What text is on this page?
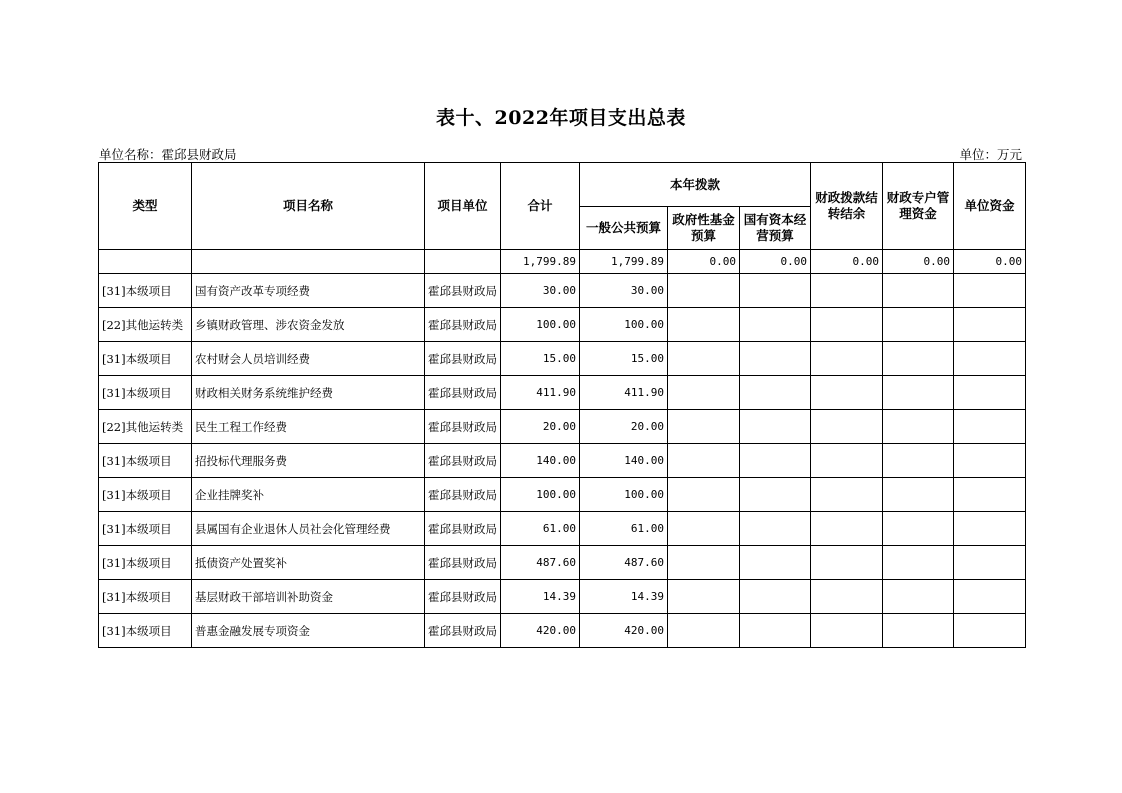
表十、2022年项目支出总表
单位名称：霍邱县财政局	单位：万元
类型	项目名称	项目单位	合计	本年拨款			财政拨款结转结余	财政专户管理资金	单位资金
				一般公共预算	政府性基金预算	国有资本经营预算			
			1,799.89	1,799.89	0.00	0.00	0.00	0.00	0.00
[31]本级项目	国有资产改革专项经费	霍邱县财政局	30.00	30.00					
[22]其他运转类	乡镇财政管理、涉农资金发放	霍邱县财政局	100.00	100.00					
[31]本级项目	农村财会人员培训经费	霍邱县财政局	15.00	15.00					
[31]本级项目	财政相关财务系统维护经费	霍邱县财政局	411.90	411.90					
[22]其他运转类	民生工程工作经费	霍邱县财政局	20.00	20.00					
[31]本级项目	招投标代理服务费	霍邱县财政局	140.00	140.00					
[31]本级项目	企业挂牌奖补	霍邱县财政局	100.00	100.00					
[31]本级项目	县属国有企业退休人员社会化管理经费	霍邱县财政局	61.00	61.00					
[31]本级项目	抵债资产处置奖补	霍邱县财政局	487.60	487.60					
[31]本级项目	基层财政干部培训补助资金	霍邱县财政局	14.39	14.39					
[31]本级项目	普惠金融发展专项资金	霍邱县财政局	420.00	420.00					
